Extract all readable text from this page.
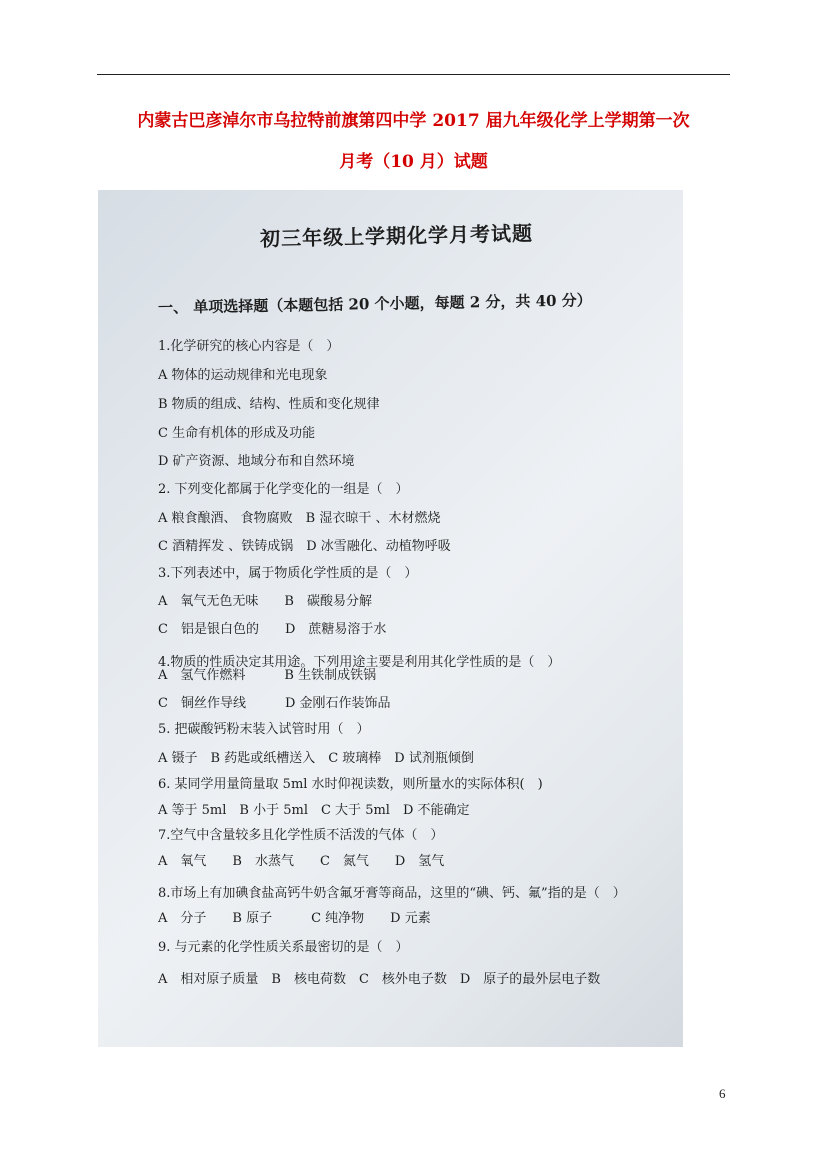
内蒙古巴彦淖尔市乌拉特前旗第四中学 2017 届九年级化学上学期第一次
月考（10 月）试题
初三年级上学期化学月考试题
一、 单项选择题（本题包括 20 个小题，每题 2 分，共 40 分）
1.化学研究的核心内容是（　）
A 物体的运动规律和光电现象
B 物质的组成、结构、性质和变化规律
C 生命有机体的形成及功能
D 矿产资源、地域分布和自然环境
2. 下列变化都属于化学变化的一组是（　）
A 粮食酿酒、 食物腐败　B 湿衣晾干 、木材燃烧
C 酒精挥发 、铁铸成锅　D 冰雪融化、动植物呼吸
3.下列表述中，属于物质化学性质的是（　）
A　氧气无色无味　　B　碳酸易分解
C　铝是银白色的　　D　蔗糖易溶于水
4.物质的性质决定其用途。下列用途主要是利用其化学性质的是（　）
A　氢气作燃料　　　B 生铁制成铁锅
C　铜丝作导线　　　D 金刚石作装饰品
5. 把碳酸钙粉末装入试管时用（　）
A 镊子　B 药匙或纸槽送入　C 玻璃棒　D 试剂瓶倾倒
6. 某同学用量筒量取 5ml 水时仰视读数，则所量水的实际体积(　)
A 等于 5ml　B 小于 5ml　C 大于 5ml　D 不能确定
7.空气中含量较多且化学性质不活泼的气体（　）
A　氧气　　B　水蒸气　　C　氮气　　D　氢气
8.市场上有加碘食盐高钙牛奶含氟牙膏等商品，这里的“碘、钙、氟”指的是（　）
A　分子　　B 原子　　　C 纯净物　　D 元素
9. 与元素的化学性质关系最密切的是（　）
A　相对原子质量　B　核电荷数　C　核外电子数　D　原子的最外层电子数
6
